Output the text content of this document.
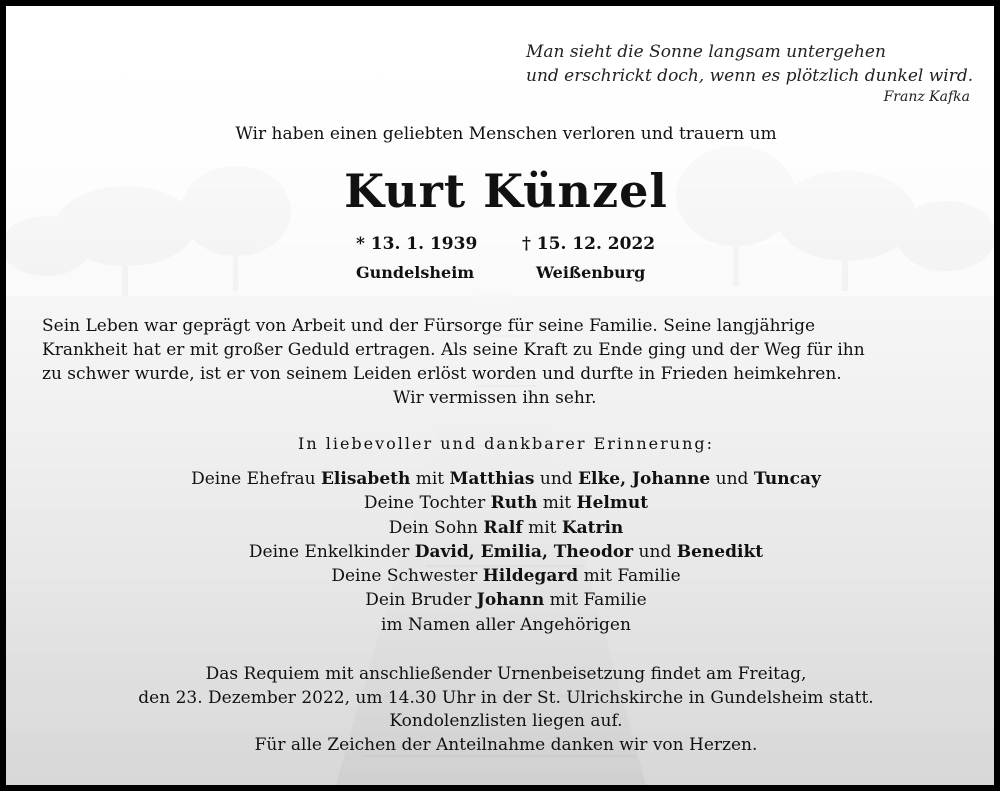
Man sieht die Sonne langsam untergehen
und erschrickt doch, wenn es plötzlich dunkel wird.
Franz Kafka
Wir haben einen geliebten Menschen verloren und trauern um
Kurt Künzel
* 13. 1. 1939	† 15. 12. 2022
Gundelsheim	Weißenburg
Sein Leben war geprägt von Arbeit und der Fürsorge für seine Familie. Seine langjährige
Krankheit hat er mit großer Geduld ertragen. Als seine Kraft zu Ende ging und der Weg für ihn
zu schwer wurde, ist er von seinem Leiden erlöst worden und durfte in Frieden heimkehren.
Wir vermissen ihn sehr.
In liebevoller und dankbarer Erinnerung:
Deine Ehefrau Elisabeth mit Matthias und Elke, Johanne und Tuncay
Deine Tochter Ruth mit Helmut
Dein Sohn Ralf mit Katrin
Deine Enkelkinder David, Emilia, Theodor und Benedikt
Deine Schwester Hildegard mit Familie
Dein Bruder Johann mit Familie
im Namen aller Angehörigen
Das Requiem mit anschließender Urnenbeisetzung findet am Freitag,
den 23. Dezember 2022, um 14.30 Uhr in der St. Ulrichskirche in Gundelsheim statt.
Kondolenzlisten liegen auf.
Für alle Zeichen der Anteilnahme danken wir von Herzen.
